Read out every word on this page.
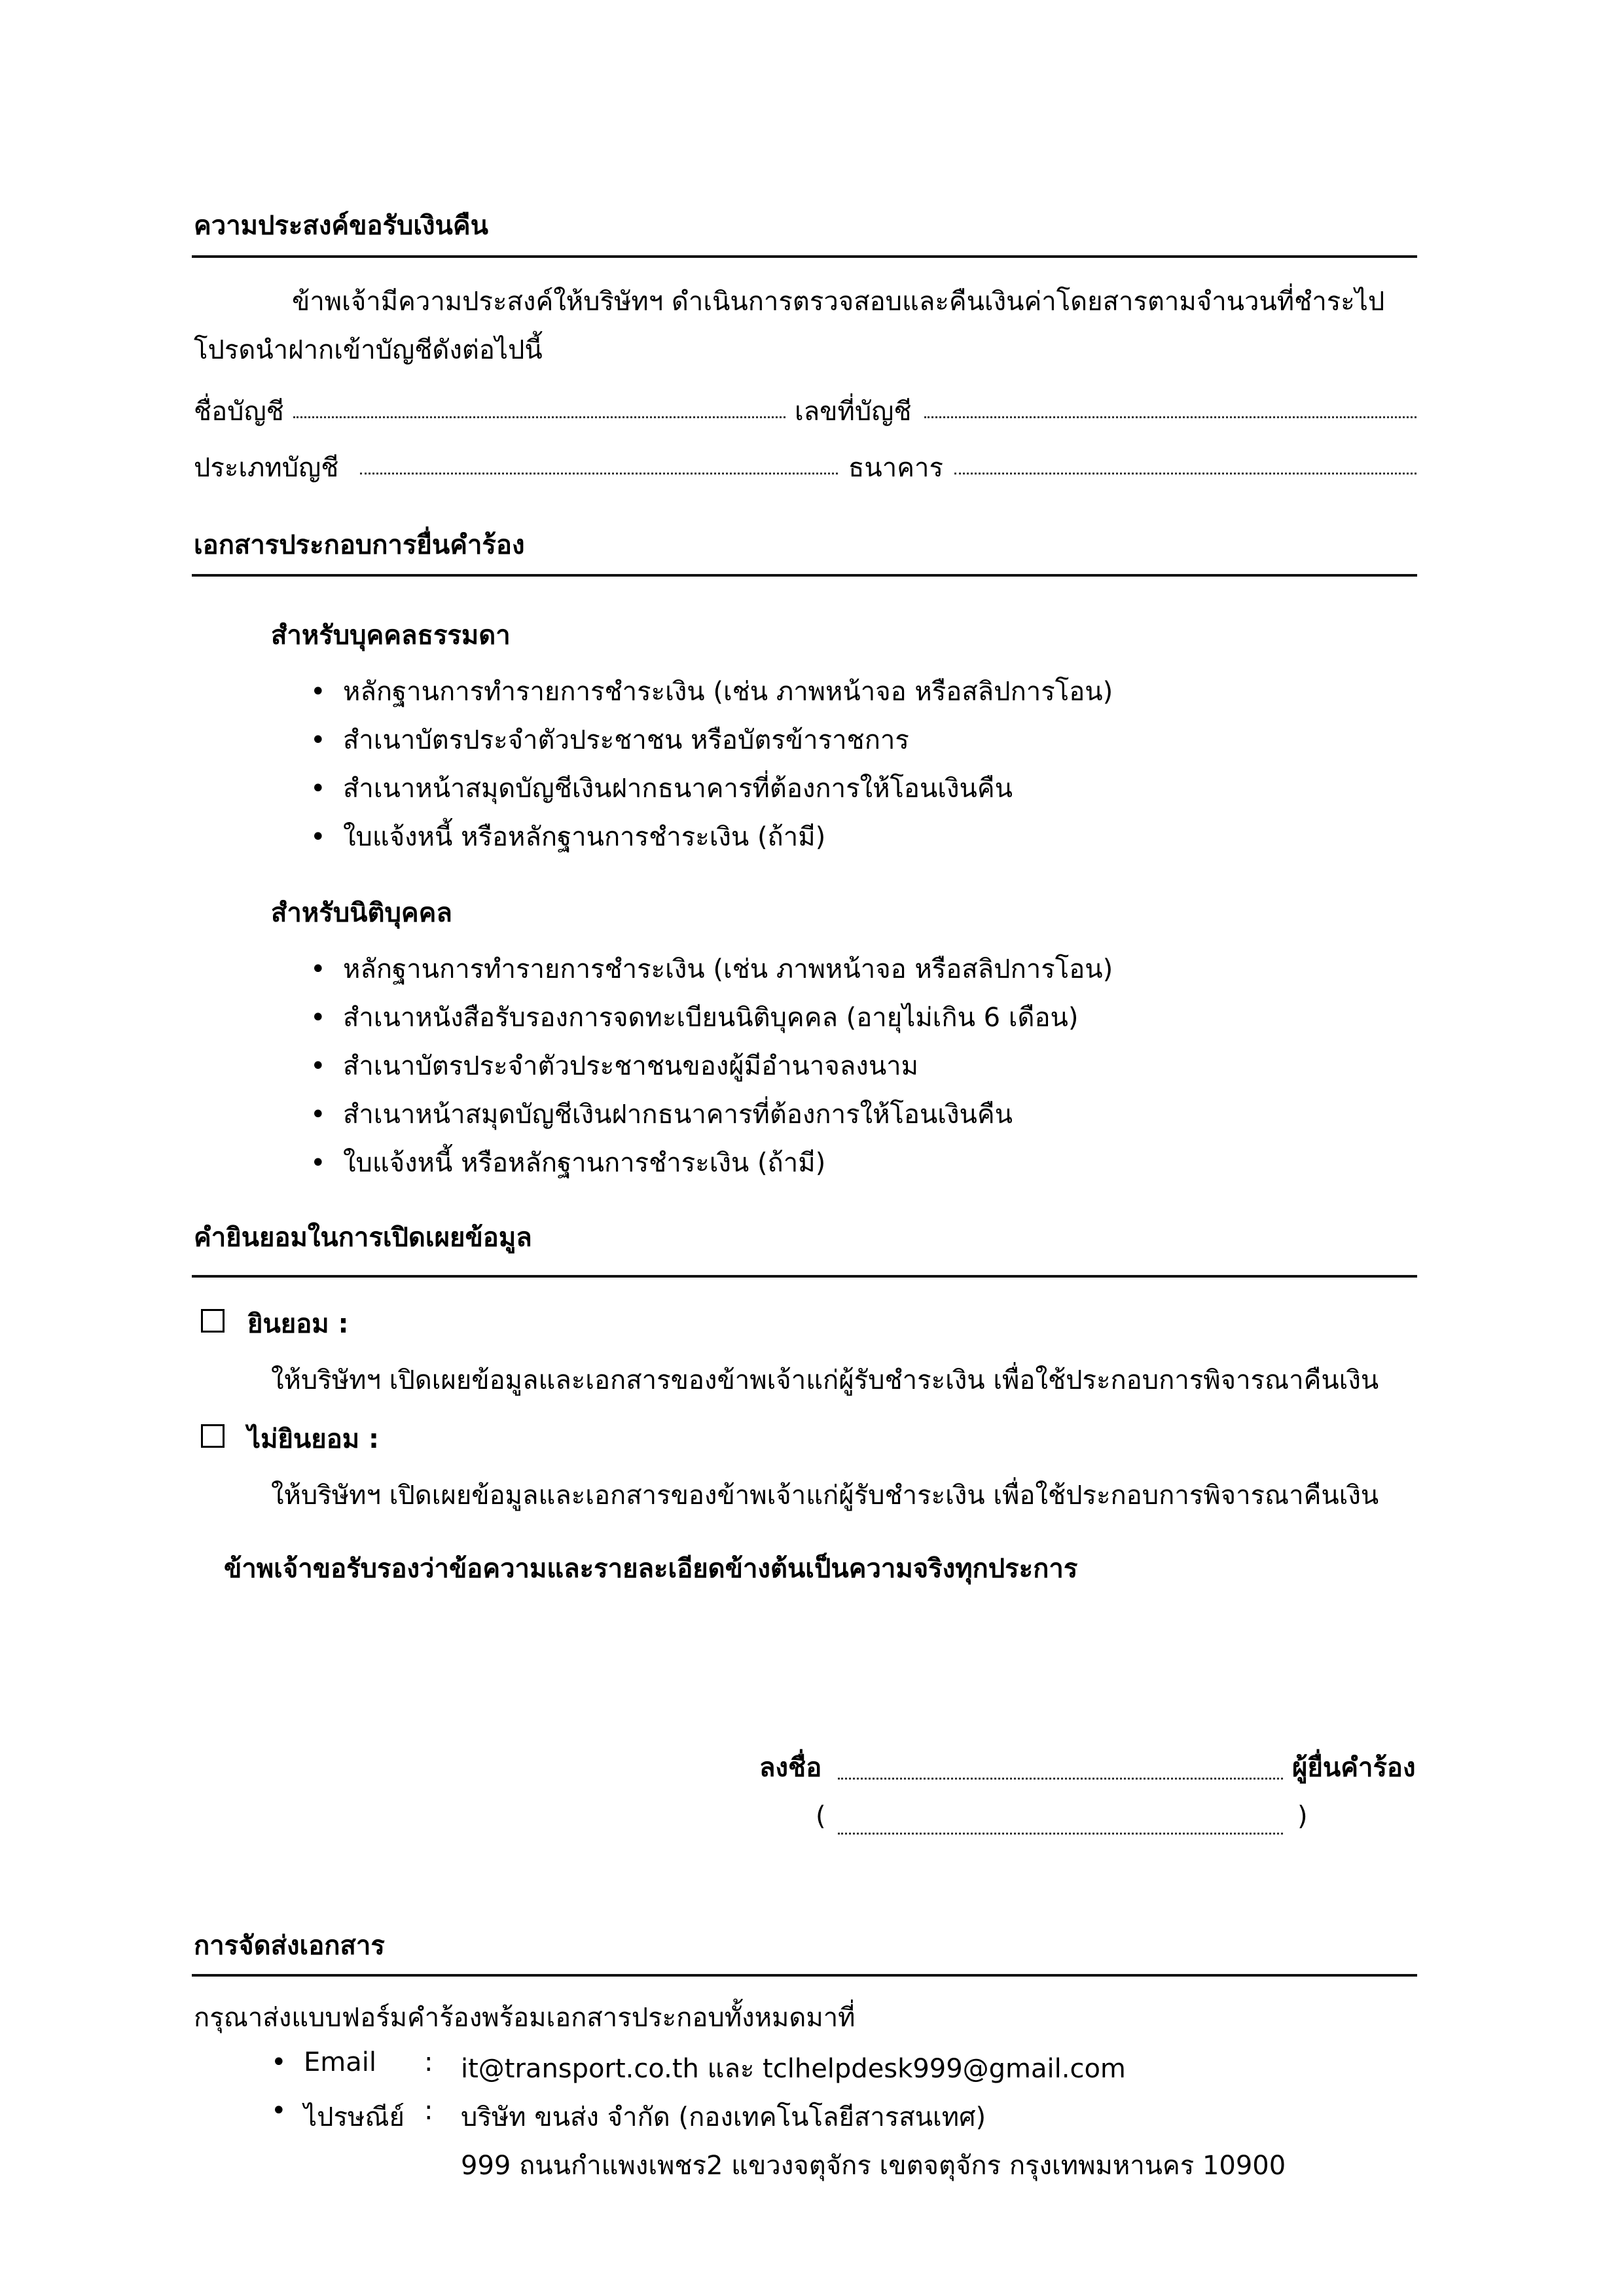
ความประสงค์ขอรับเงินคืน
ข้าพเจ้ามีความประสงค์ให้บริษัทฯ ดำเนินการตรวจสอบและคืนเงินค่าโดยสารตามจำนวนที่ชำระไป
โปรดนำฝากเข้าบัญชีดังต่อไปนี้
ชื่อบัญชี	เลขที่บัญชี
ประเภทบัญชี	ธนาคาร
เอกสารประกอบการยื่นคำร้อง
สำหรับบุคคลธรรมดา
• หลักฐานการทำรายการชำระเงิน (เช่น ภาพหน้าจอ หรือสลิปการโอน)
• สำเนาบัตรประจำตัวประชาชน หรือบัตรข้าราชการ
• สำเนาหน้าสมุดบัญชีเงินฝากธนาคารที่ต้องการให้โอนเงินคืน
• ใบแจ้งหนี้ หรือหลักฐานการชำระเงิน (ถ้ามี)
สำหรับนิติบุคคล
• หลักฐานการทำรายการชำระเงิน (เช่น ภาพหน้าจอ หรือสลิปการโอน)
• สำเนาหนังสือรับรองการจดทะเบียนนิติบุคคล (อายุไม่เกิน 6 เดือน)
• สำเนาบัตรประจำตัวประชาชนของผู้มีอำนาจลงนาม
• สำเนาหน้าสมุดบัญชีเงินฝากธนาคารที่ต้องการให้โอนเงินคืน
• ใบแจ้งหนี้ หรือหลักฐานการชำระเงิน (ถ้ามี)
คำยินยอมในการเปิดเผยข้อมูล
ยินยอม :
ให้บริษัทฯ เปิดเผยข้อมูลและเอกสารของข้าพเจ้าแก่ผู้รับชำระเงิน เพื่อใช้ประกอบการพิจารณาคืนเงิน
ไม่ยินยอม :
ให้บริษัทฯ เปิดเผยข้อมูลและเอกสารของข้าพเจ้าแก่ผู้รับชำระเงิน เพื่อใช้ประกอบการพิจารณาคืนเงิน
ข้าพเจ้าขอรับรองว่าข้อความและรายละเอียดข้างต้นเป็นความจริงทุกประการ
ลงชื่อ	ผู้ยื่นคำร้อง
(	)
การจัดส่งเอกสาร
กรุณาส่งแบบฟอร์มคำร้องพร้อมเอกสารประกอบทั้งหมดมาที่
• Email : it@transport.co.th และ tclhelpdesk999@gmail.com
• ไปรษณีย์ : บริษัท ขนส่ง จำกัด (กองเทคโนโลยีสารสนเทศ)
999 ถนนกำแพงเพชร2 แขวงจตุจักร เขตจตุจักร กรุงเทพมหานคร 10900
